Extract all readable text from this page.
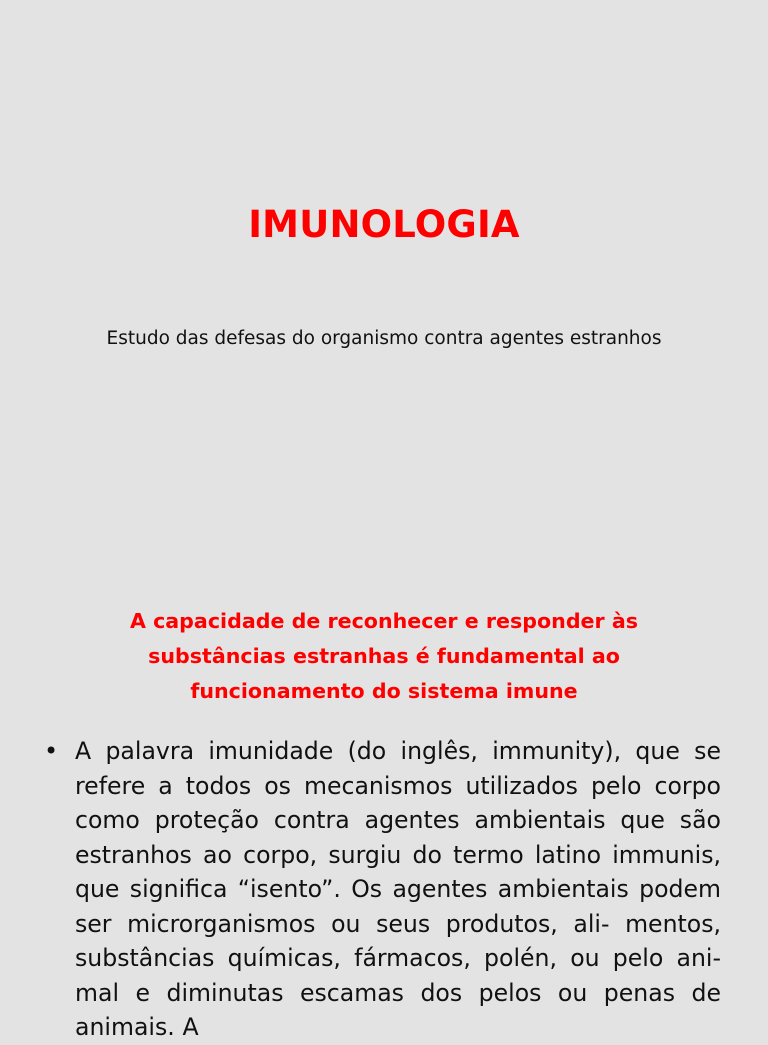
IMUNOLOGIA

Estudo das defesas do organismo contra agentes estranhos

A capacidade de reconhecer e responder às substâncias estranhas é fundamental ao funcionamento do sistema imune

• A palavra imunidade (do inglês, immunity), que se refere a todos os mecanismos utilizados pelo corpo como proteção contra agentes ambientais que são estranhos ao corpo, surgiu do termo latino immunis, que significa “isento”. Os agentes ambientais podem ser microrganismos ou seus produtos, ali- mentos, substâncias químicas, fármacos, polén, ou pelo ani- mal e diminutas escamas dos pelos ou penas de animais. A
